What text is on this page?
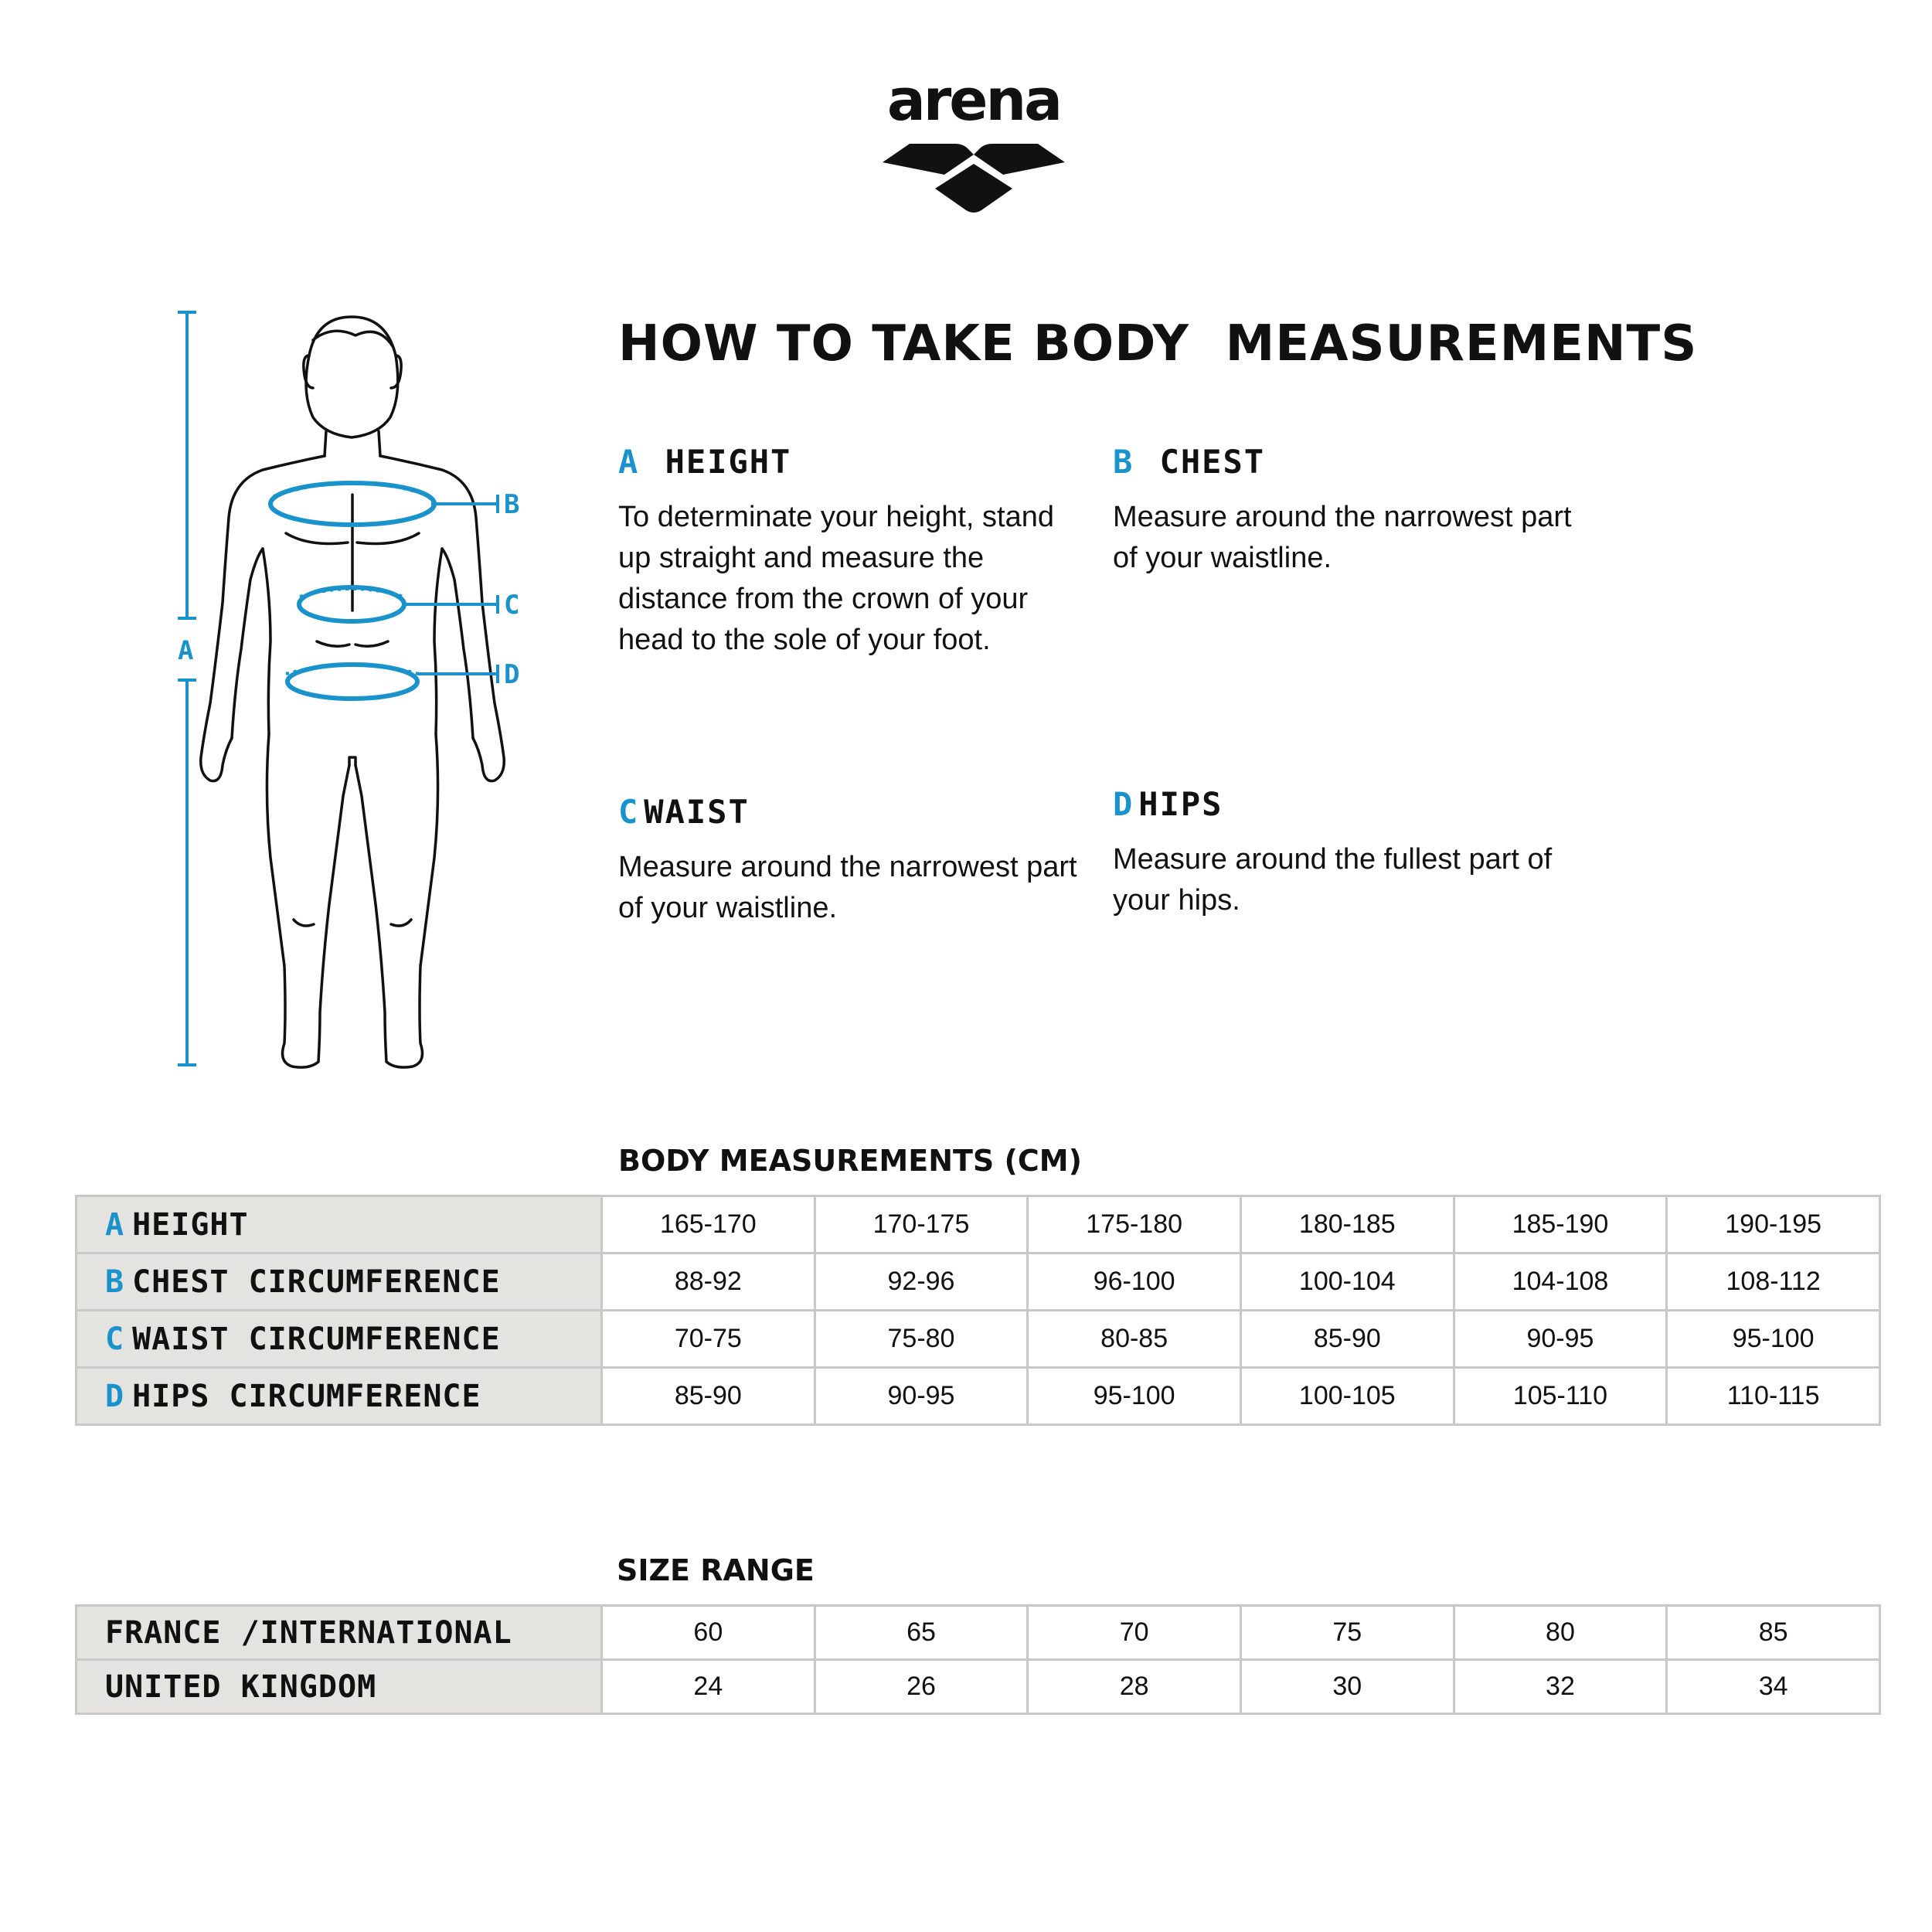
arena
A
B
C
D
HOW TO TAKE BODY  MEASUREMENTS
A HEIGHT

To determinate your height, stand up straight and measure the distance from the crown of your head to the sole of your foot.

B CHEST

Measure around the narrowest part of your waistline.

C WAIST

Measure around the narrowest part of your waistline.

D HIPS

Measure around the fullest part of your hips.

BODY MEASUREMENTS (CM)
A HEIGHT	165-170	170-175	175-180	180-185	185-190	190-195
B CHEST CIRCUMFERENCE	88-92	92-96	96-100	100-104	104-108	108-112
C WAIST CIRCUMFERENCE	70-75	75-80	80-85	85-90	90-95	95-100
D HIPS CIRCUMFERENCE	85-90	90-95	95-100	100-105	105-110	110-115
SIZE RANGE
FRANCE /INTERNATIONAL	60	65	70	75	80	85
UNITED KINGDOM	24	26	28	30	32	34
